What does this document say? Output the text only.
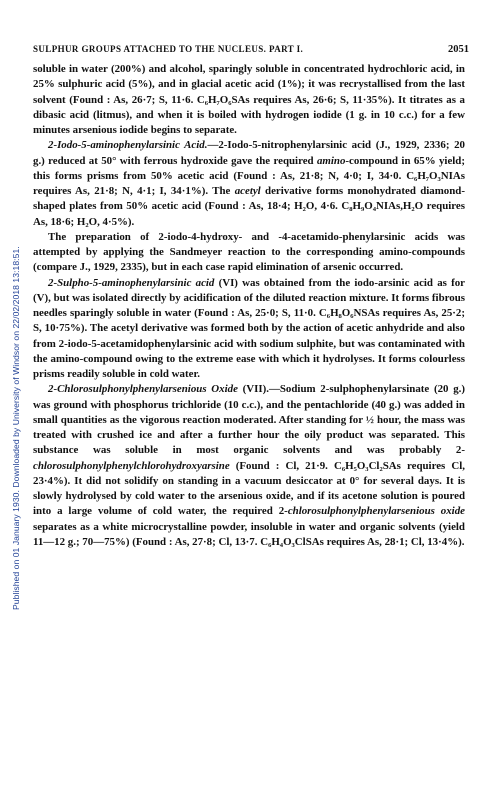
Published on 01 January 1930. Downloaded by University of Windsor on 22/02/2018 13:18:51.
SULPHUR GROUPS ATTACHED TO THE NUCLEUS. PART I.	2051

soluble in water (200%) and alcohol, sparingly soluble in concentrated hydrochloric acid, in 25% sulphuric acid (5%), and in glacial acetic acid (1%); it was recrystallised from the last solvent (Found : As, 26·7; S, 11·6. C₆H₇O₆SAs requires As, 26·6; S, 11·35%). It titrates as a dibasic acid (litmus), and when it is boiled with hydrogen iodide (1 g. in 10 c.c.) for a few minutes arsenious iodide begins to separate.

2-Iodo-5-aminophenylarsinic Acid.—2-Iodo-5-nitrophenylarsinic acid (J., 1929, 2336; 20 g.) reduced at 50° with ferrous hydroxide gave the required amino-compound in 65% yield; this forms prisms from 50% acetic acid (Found : As, 21·8; N, 4·0; I, 34·0. C₆H₇O₃NIAs requires As, 21·8; N, 4·1; I, 34·1%). The acetyl derivative forms monohydrated diamond-shaped plates from 50% acetic acid (Found : As, 18·4; H₂O, 4·6. C₈H₉O₄NIAs,H₂O requires As, 18·6; H₂O, 4·5%).

The preparation of 2-iodo-4-hydroxy- and -4-acetamido-phenylarsinic acids was attempted by applying the Sandmeyer reaction to the corresponding amino-compounds (compare J., 1929, 2335), but in each case rapid elimination of arsenic occurred.

2-Sulpho-5-aminophenylarsinic acid (VI) was obtained from the iodo-arsinic acid as for (V), but was isolated directly by acidification of the diluted reaction mixture. It forms fibrous needles sparingly soluble in water (Found : As, 25·0; S, 11·0. C₆H₈O₆NSAs requires As, 25·2; S, 10·75%). The acetyl derivative was formed both by the action of acetic anhydride and also from 2-iodo-5-acetamidophenylarsinic acid with sodium sulphite, but was contaminated with the amino-compound owing to the extreme ease with which it hydrolyses. It forms colourless prisms readily soluble in cold water.

2-Chlorosulphonylphenylarsenious Oxide (VII).—Sodium 2-sulphophenylarsinate (20 g.) was ground with phosphorus trichloride (10 c.c.), and the pentachloride (40 g.) was added in small quantities as the vigorous reaction moderated. After standing for ½ hour, the mass was treated with crushed ice and after a further hour the oily product was separated. This substance was soluble in most organic solvents and was probably 2-chlorosulphonylphenylchlorohydroxyarsine (Found : Cl, 21·9. C₆H₅O₃Cl₂SAs requires Cl, 23·4%). It did not solidify on standing in a vacuum desiccator at 0° for several days. It is slowly hydrolysed by cold water to the arsenious oxide, and if its acetone solution is poured into a large volume of cold water, the required 2-chlorosulphonylphenylarsenious oxide separates as a white microcrystalline powder, insoluble in water and organic solvents (yield 11—12 g.; 70—75%) (Found : As, 27·8; Cl, 13·7. C₆H₄O₃ClSAs requires As, 28·1; Cl, 13·4%).
